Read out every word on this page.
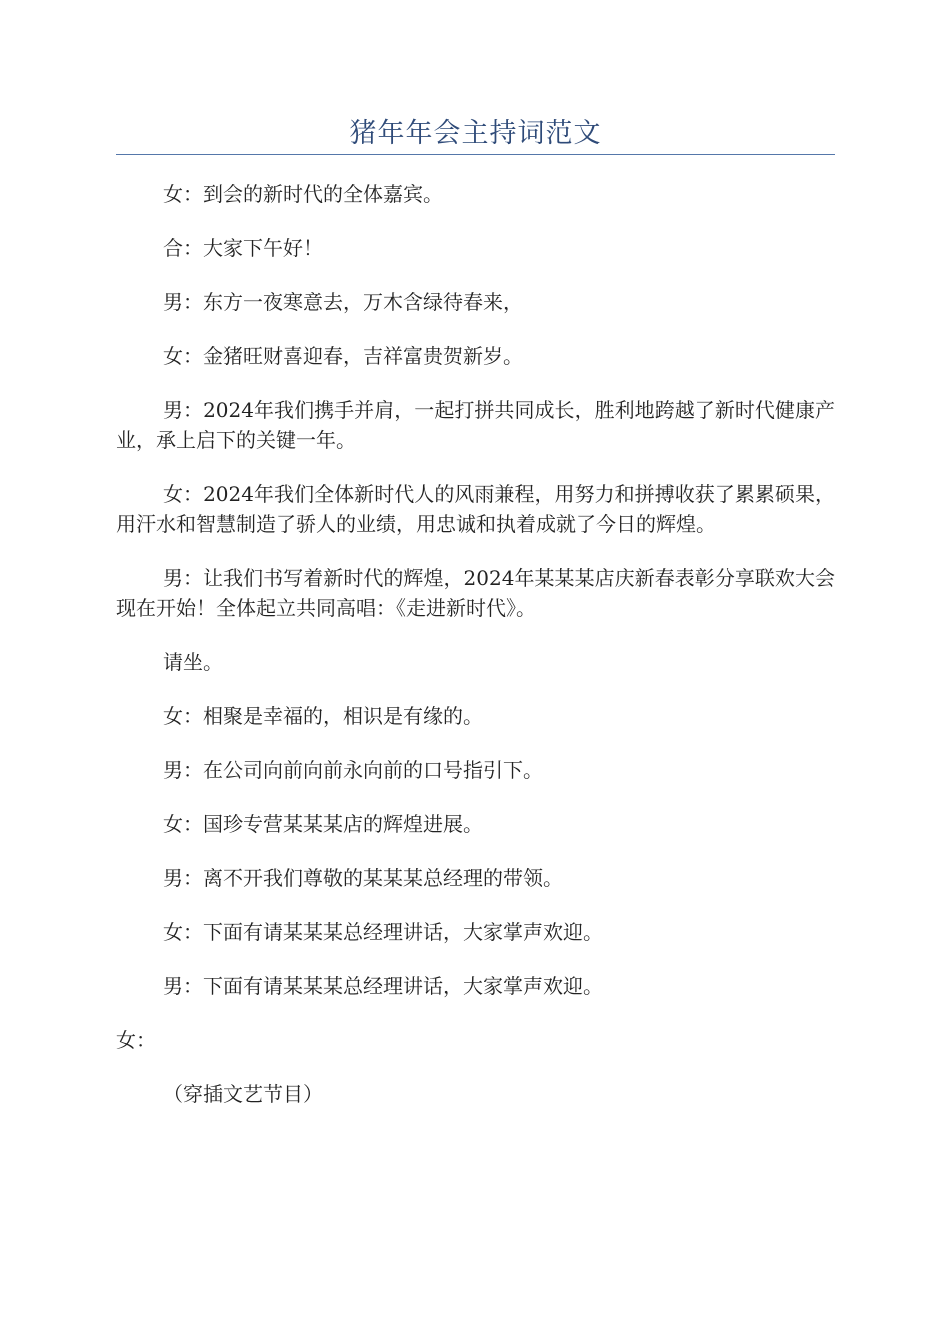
猪年年会主持词范文

女：到会的新时代的全体嘉宾。

合：大家下午好！

男：东方一夜寒意去，万木含绿待春来，

女：金猪旺财喜迎春，吉祥富贵贺新岁。

男：2024年我们携手并肩，一起打拼共同成长，胜利地跨越了新时代健康产业，承上启下的关键一年。

女：2024年我们全体新时代人的风雨兼程，用努力和拼搏收获了累累硕果，用汗水和智慧制造了骄人的业绩，用忠诚和执着成就了今日的辉煌。

男：让我们书写着新时代的辉煌，2024年某某某店庆新春表彰分享联欢大会现在开始！全体起立共同高唱：《走进新时代》。

请坐。

女：相聚是幸福的，相识是有缘的。

男：在公司向前向前永向前的口号指引下。

女：国珍专营某某某店的辉煌进展。

男：离不开我们尊敬的某某某总经理的带领。

女：下面有请某某某总经理讲话，大家掌声欢迎。

男：下面有请某某某总经理讲话，大家掌声欢迎。

女：

（穿插文艺节目）
